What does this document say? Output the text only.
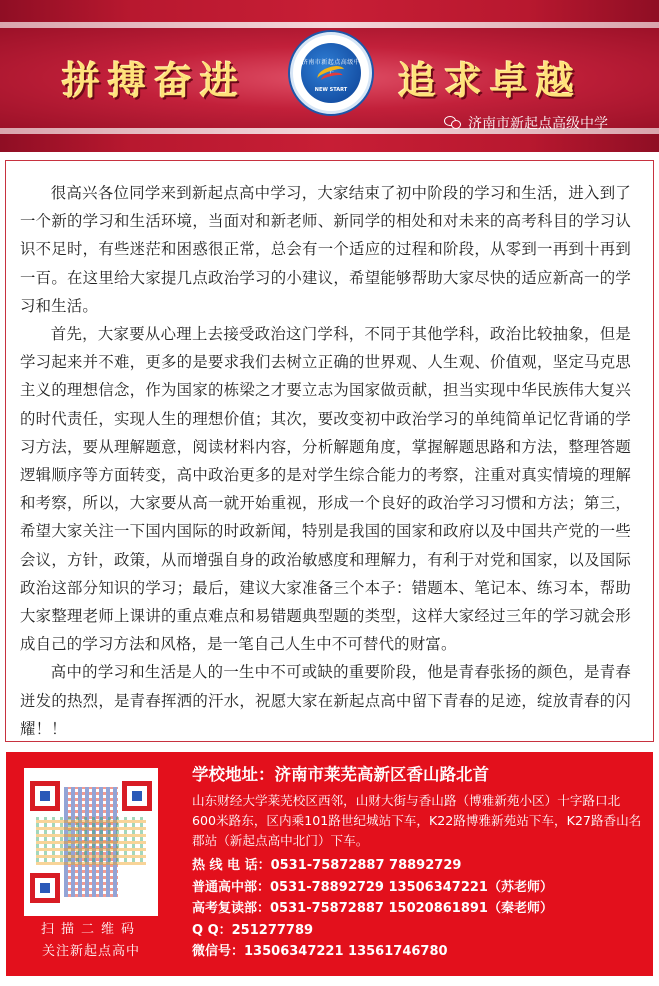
拼搏奋进	济南市新起点高级中学
NEW START	追求卓越
济南市新起点高级中学

很高兴各位同学来到新起点高中学习，大家结束了初中阶段的学习和生活，进入到了一个新的学习和生活环境，当面对和新老师、新同学的相处和对未来的高考科目的学习认识不足时，有些迷茫和困惑很正常，总会有一个适应的过程和阶段，从零到一再到十再到一百。在这里给大家提几点政治学习的小建议，希望能够帮助大家尽快的适应新高一的学习和生活。

首先，大家要从心理上去接受政治这门学科，不同于其他学科，政治比较抽象，但是学习起来并不难，更多的是要求我们去树立正确的世界观、人生观、价值观，坚定马克思主义的理想信念，作为国家的栋梁之才要立志为国家做贡献，担当实现中华民族伟大复兴的时代责任，实现人生的理想价值；其次，要改变初中政治学习的单纯简单记忆背诵的学习方法，要从理解题意，阅读材料内容，分析解题角度，掌握解题思路和方法，整理答题逻辑顺序等方面转变，高中政治更多的是对学生综合能力的考察，注重对真实情境的理解和考察，所以，大家要从高一就开始重视，形成一个良好的政治学习习惯和方法；第三，希望大家关注一下国内国际的时政新闻，特别是我国的国家和政府以及中国共产党的一些会议，方针，政策，从而增强自身的政治敏感度和理解力，有利于对党和国家，以及国际政治这部分知识的学习；最后，建议大家准备三个本子：错题本、笔记本、练习本，帮助大家整理老师上课讲的重点难点和易错题典型题的类型，这样大家经过三年的学习就会形成自己的学习方法和风格，是一笔自己人生中不可替代的财富。

高中的学习和生活是人的一生中不可或缺的重要阶段，他是青春张扬的颜色，是青春迸发的热烈，是青春挥洒的汗水，祝愿大家在新起点高中留下青春的足迹，绽放青春的闪耀！！

扫描二维码
关注新起点高中
学校地址：济南市莱芜高新区香山路北首
山东财经大学莱芜校区西邻，山财大街与香山路（博雅新苑小区）十字路口北600米路东，区内乘101路世纪城站下车，K22路博雅新苑站下车，K27路香山名郡站（新起点高中北门）下车。
热 线 电 话：0531-75872887 78892729
普通高中部：0531-78892729 13506347221（苏老师）
高考复读部：0531-75872887 15020861891（秦老师）
Q Q：251277789
微信号：13506347221 13561746780
